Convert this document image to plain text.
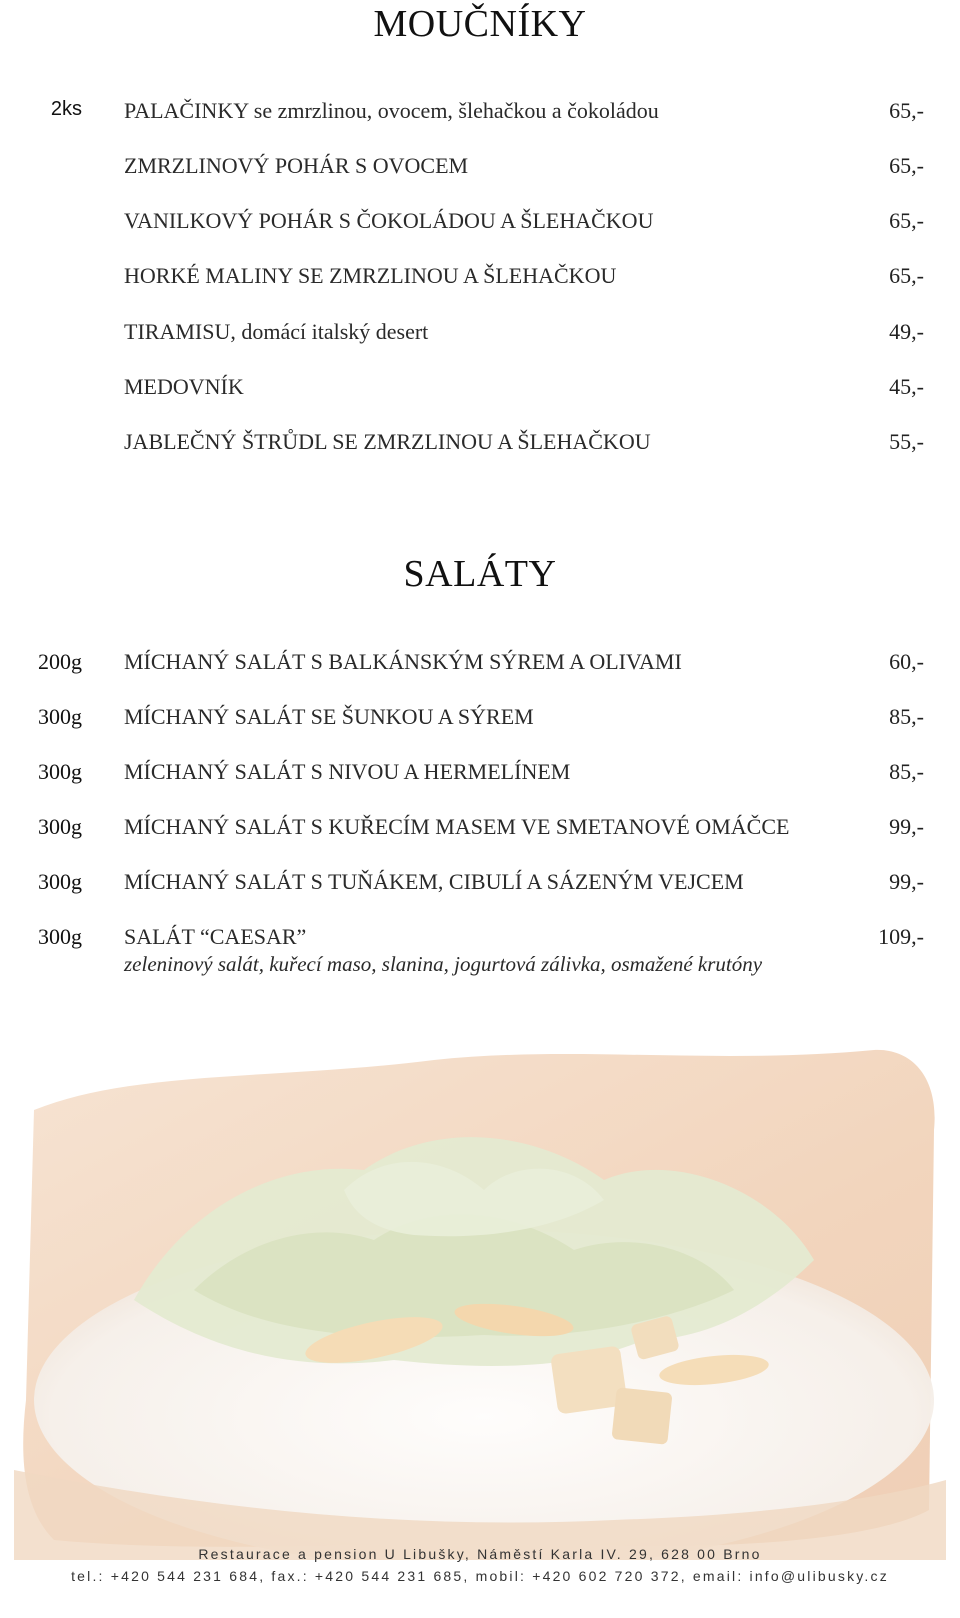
MOUČNÍKY
2ks PALAČINKY se zmrzlinou, ovocem, šlehačkou a čokoládou	65,-
ZMRZLINOVÝ POHÁR S OVOCEM	65,-
VANILKOVÝ POHÁR S ČOKOLÁDOU A ŠLEHAČKOU	65,-
HORKÉ MALINY SE ZMRZLINOU A ŠLEHAČKOU	65,-
TIRAMISU, domácí italský desert	49,-
MEDOVNÍK	45,-
JABLEČNÝ ŠTRŮDL SE ZMRZLINOU A ŠLEHAČKOU	55,-
SALÁTY
200g MÍCHANÝ SALÁT S BALKÁNSKÝM SÝREM A OLIVAMI	60,-
300g MÍCHANÝ SALÁT SE ŠUNKOU A SÝREM	85,-
300g MÍCHANÝ SALÁT S NIVOU A HERMELÍNEM	85,-
300g MÍCHANÝ SALÁT S KUŘECÍM MASEM VE SMETANOVÉ OMÁČCE	99,-
300g MÍCHANÝ SALÁT S TUŇÁKEM, CIBULÍ A SÁZENÝM VEJCEM	99,-
300g SALÁT “CAESAR”	109,-
zeleninový salát, kuřecí maso, slanina, jogurtová zálivka, osmažené krutóny
Restaurace a pension U Libušky, Náměstí Karla IV. 29, 628 00 Brno
tel.: +420 544 231 684, fax.: +420 544 231 685, mobil: +420 602 720 372, email: info@ulibusky.cz
